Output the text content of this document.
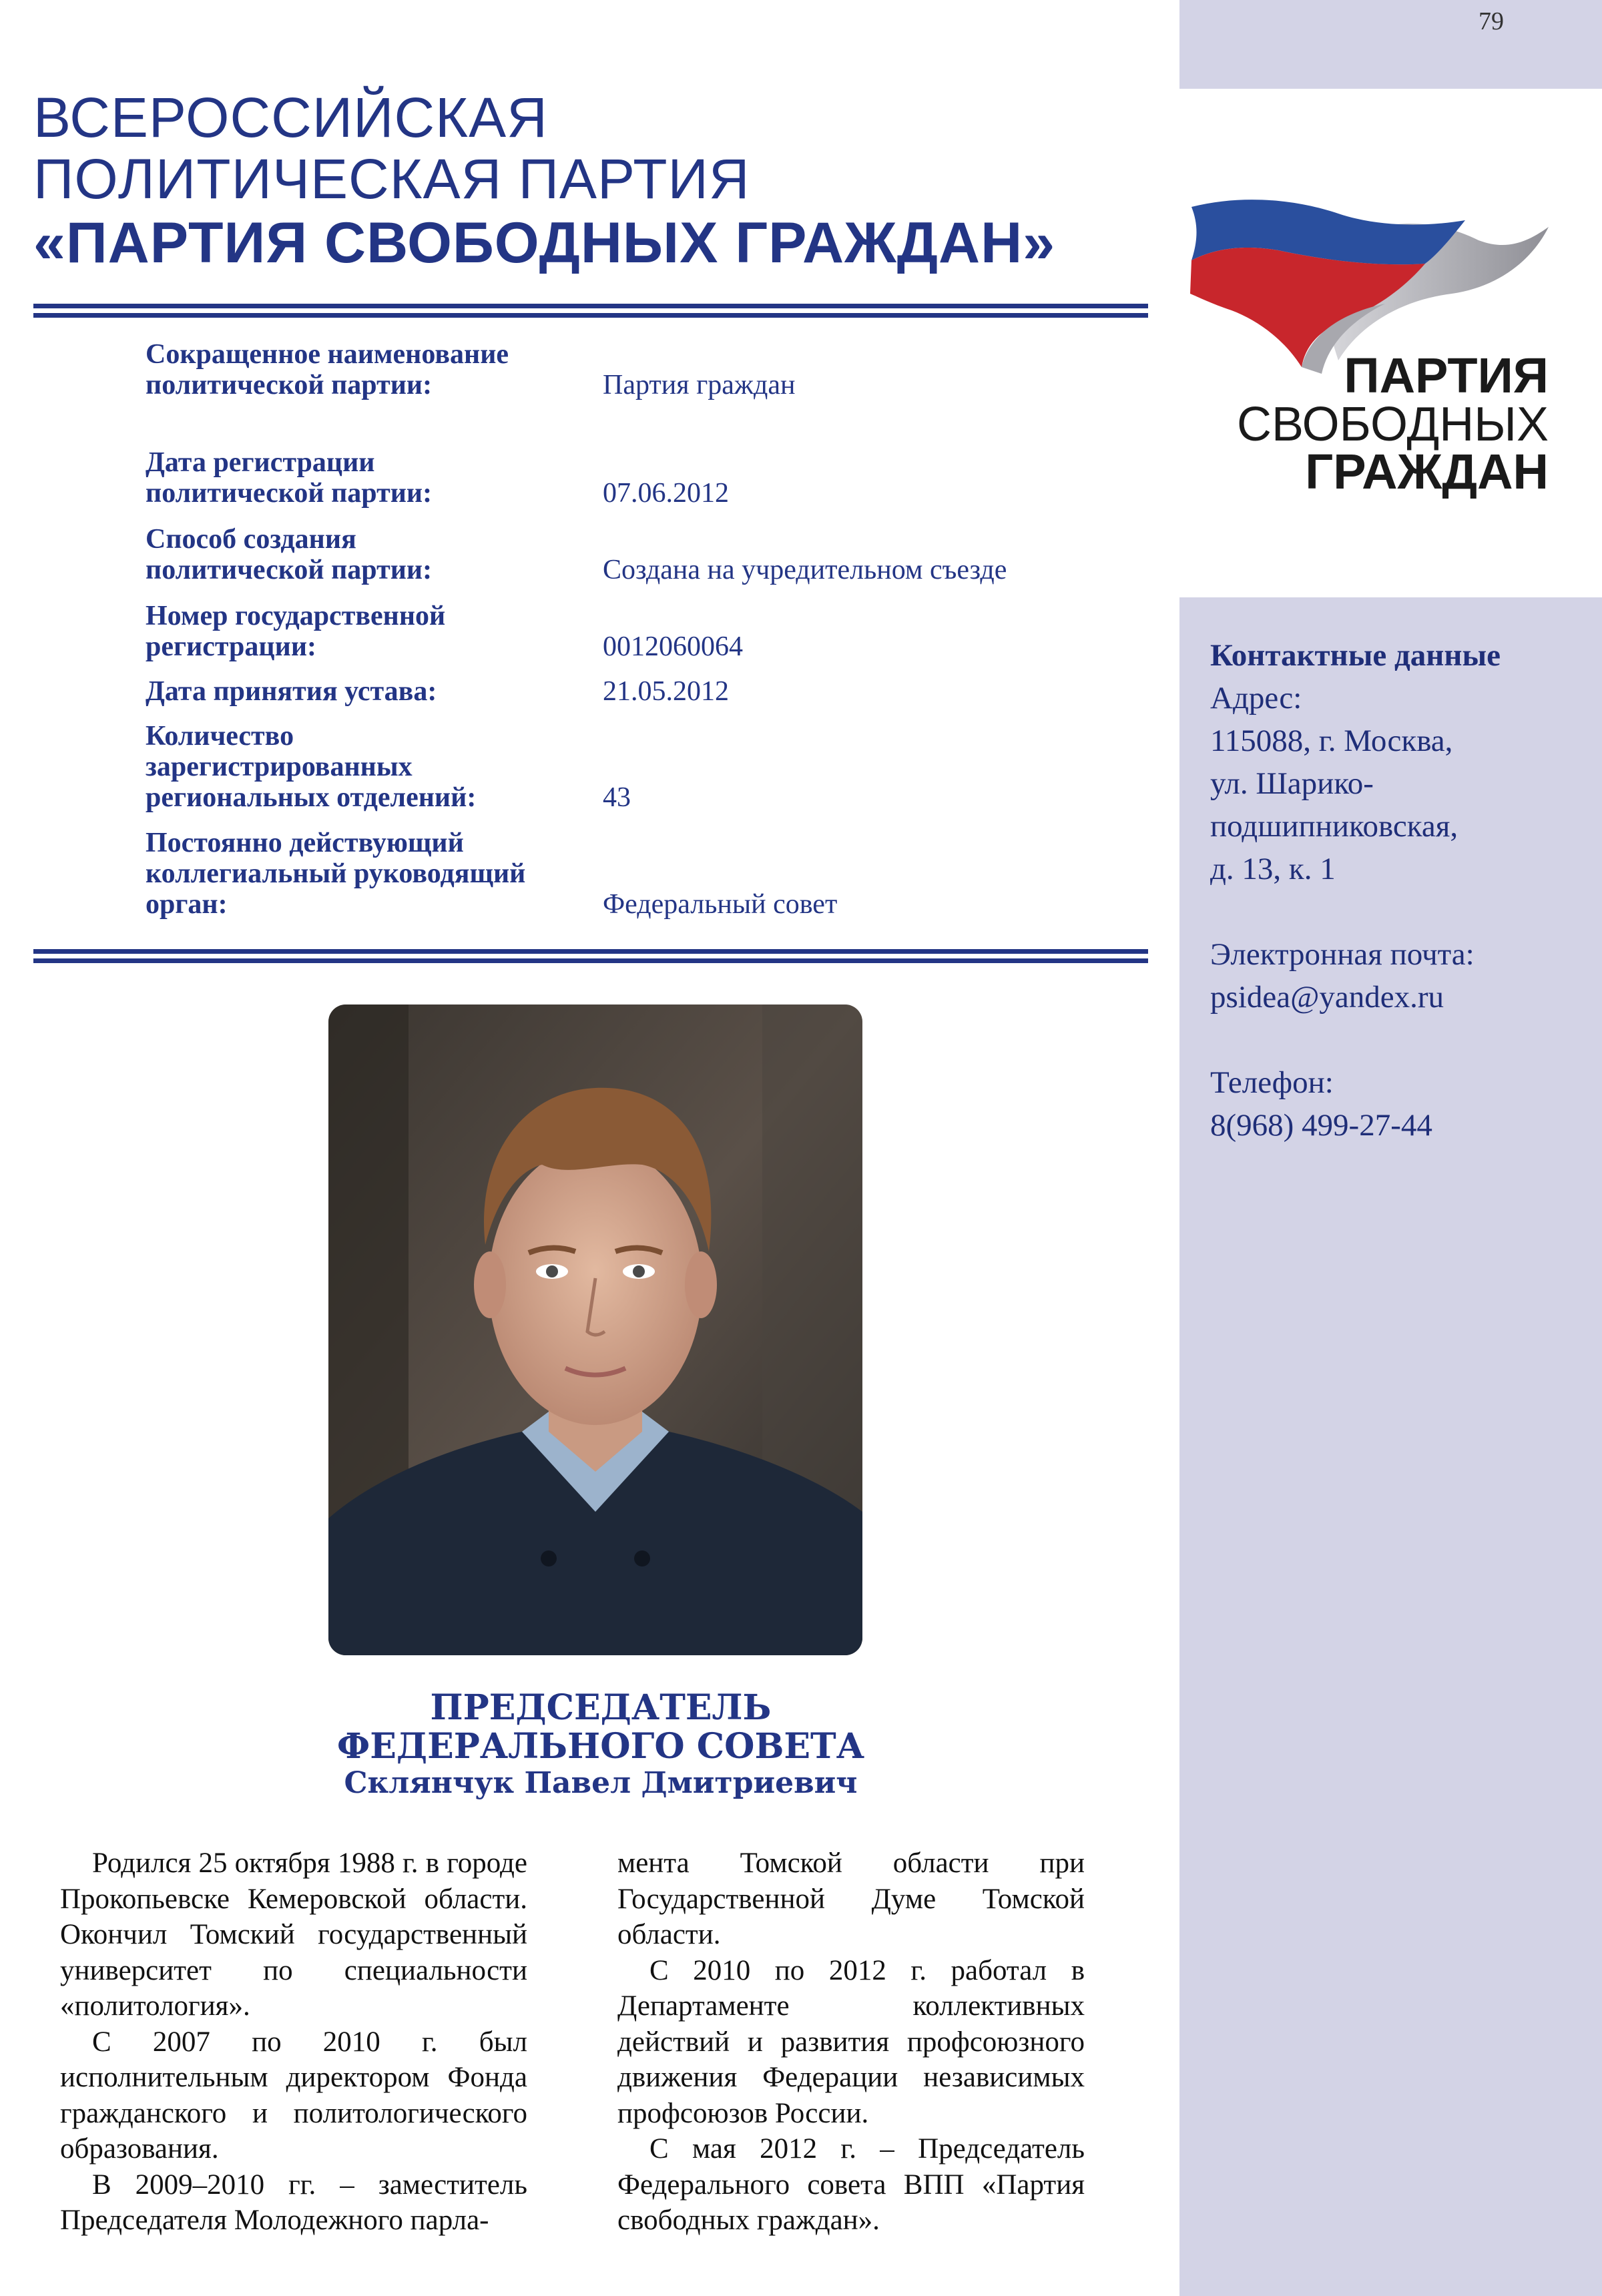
79
ПАРТИЯ
СВОБОДНЫХ
ГРАЖДАН
ВСЕРОССИЙСКАЯ
ПОЛИТИЧЕСКАЯ ПАРТИЯ
«ПАРТИЯ СВОБОДНЫХ ГРАЖДАН»
Сокращенное наименование
политической партии:	Партия граждан
Дата регистрации
политической партии:	07.06.2012
Способ создания
политической партии:	Создана на учредительном съезде
Номер государственной
регистрации:	0012060064
Дата принятия устава:	21.05.2012
Количество
зарегистрированных
региональных отделений:	43
Постоянно действующий
коллегиальный руководящий
орган:	Федеральный совет
ПРЕДСЕДАТЕЛЬ
ФЕДЕРАЛЬНОГО СОВЕТА
Склянчук Павел Дмитриевич

Родился 25 октября 1988 г. в городе Прокопьевске Кемеровской области. Окончил Томский государственный университет по специальности «политология».

С 2007 по 2010 г. был исполнительным директором Фонда гражданского и политологического образования.

В 2009–2010 гг. – заместитель Председателя Молодежного парла-

мента Томской области при Государственной Думе Томской области.

С 2010 по 2012 г. работал в Департаменте коллективных действий и развития профсоюзного движения Федерации независимых профсоюзов России.

С мая 2012 г. – Председатель Федерального совета ВПП «Партия свободных граждан».

Контактные данные
Адрес:
115088, г. Москва,
ул. Шарико-
подшипниковская,
д. 13, к. 1
Электронная почта:
psidea@yandex.ru
Телефон:
8(968) 499-27-44
